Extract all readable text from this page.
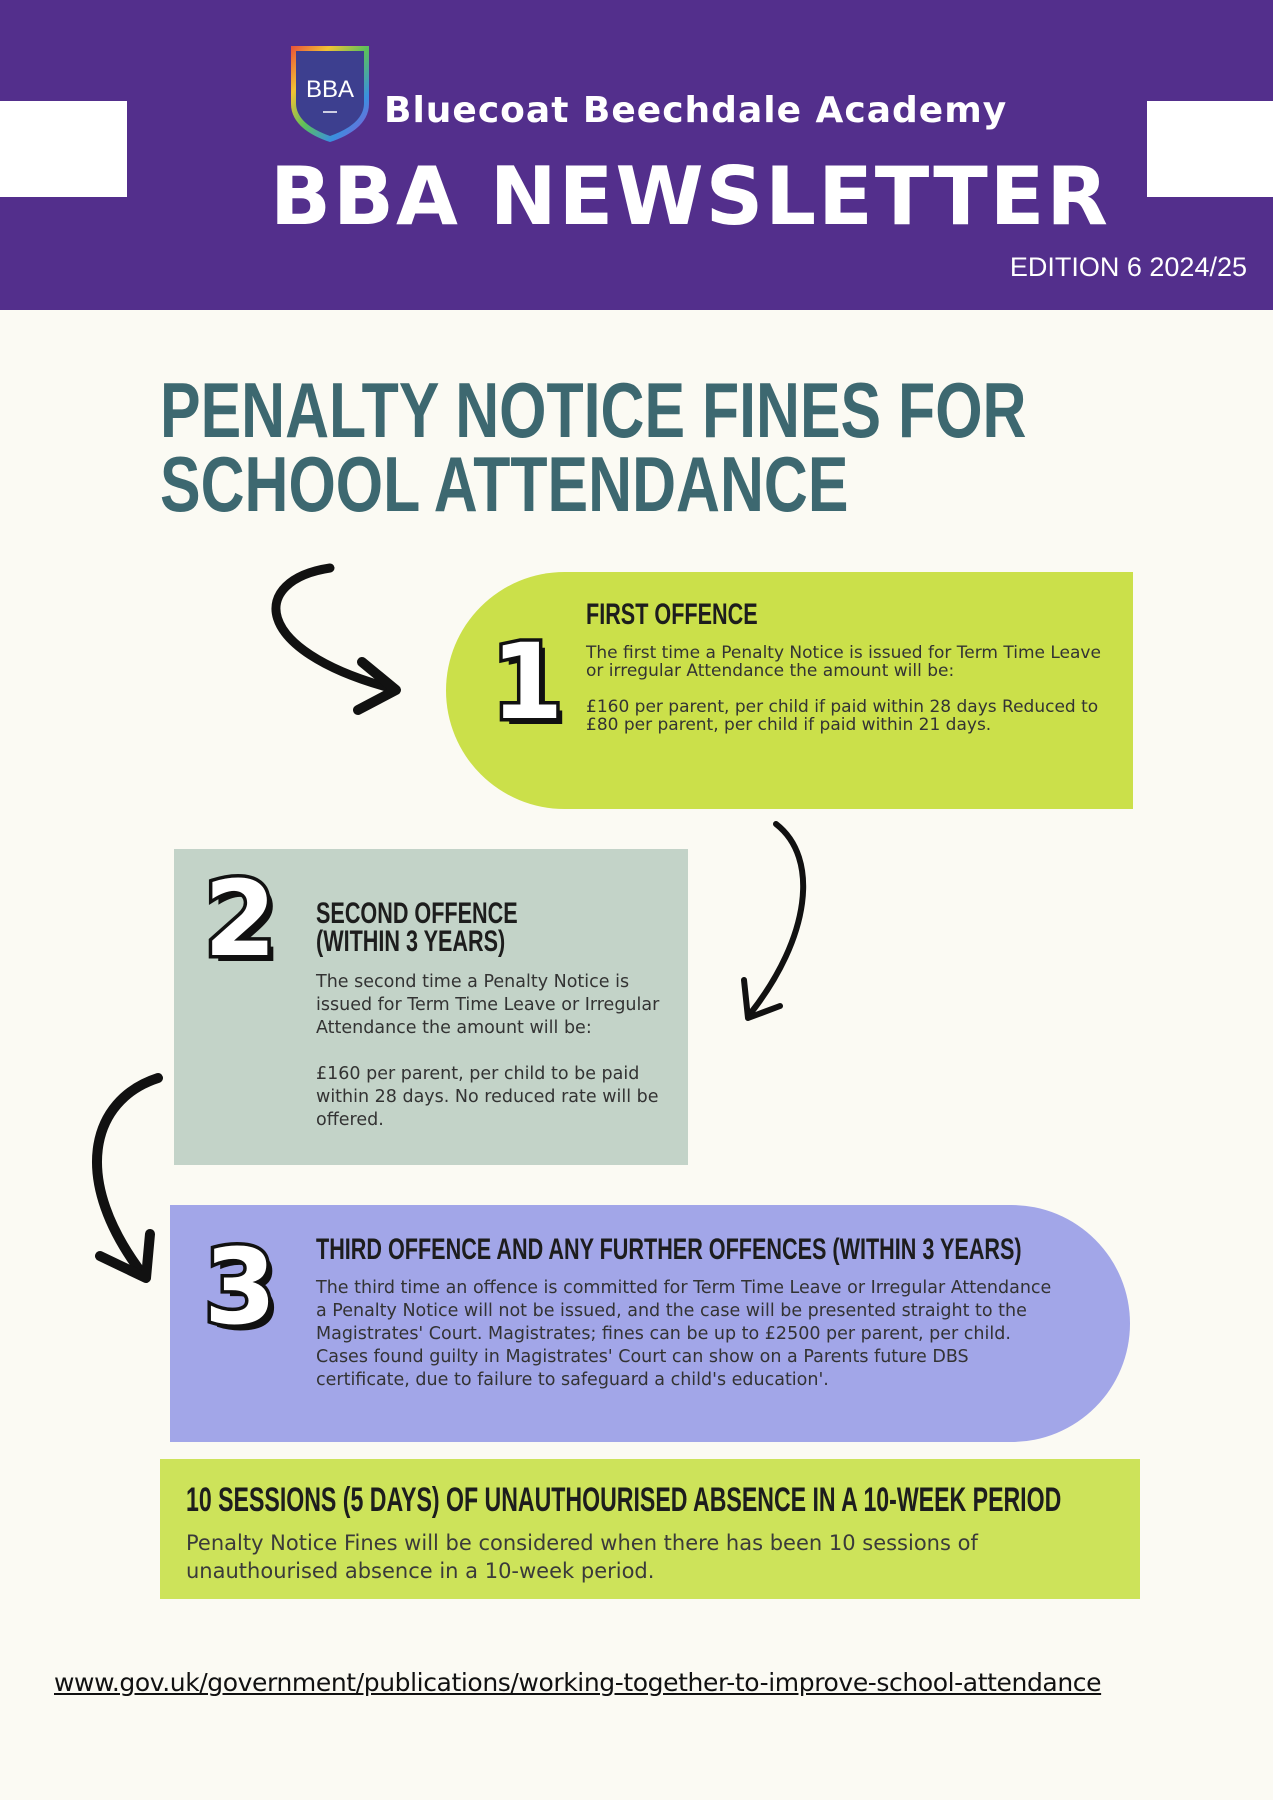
BBA
Bluecoat Beechdale Academy
BBA NEWSLETTER
EDITION 6 2024/25
PENALTY NOTICE FINES FOR
SCHOOL ATTENDANCE
1
FIRST OFFENCE

The first time a Penalty Notice is issued for Term Time Leave or irregular Attendance the amount will be:

£160 per parent, per child if paid within 28 days Reduced to £80 per parent, per child if paid within 21 days.

2 SECOND OFFENCE
(WITHIN 3 YEARS)

The second time a Penalty Notice is issued for Term Time Leave or Irregular Attendance the amount will be:

£160 per parent, per child to be paid within 28 days. No reduced rate will be offered.

3 THIRD OFFENCE AND ANY FURTHER OFFENCES (WITHIN 3 YEARS)

The third time an offence is committed for Term Time Leave or Irregular Attendance a Penalty Notice will not be issued, and the case will be presented straight to the Magistrates' Court. Magistrates; fines can be up to £2500 per parent, per child.

Cases found guilty in Magistrates' Court can show on a Parents future DBS certificate, due to failure to safeguard a child's education'.

10 SESSIONS (5 DAYS) OF UNAUTHOURISED ABSENCE IN A 10-WEEK PERIOD
Penalty Notice Fines will be considered when there has been 10 sessions of unauthourised absence in a 10-week period.
www.gov.uk/government/publications/working-together-to-improve-school-attendance
